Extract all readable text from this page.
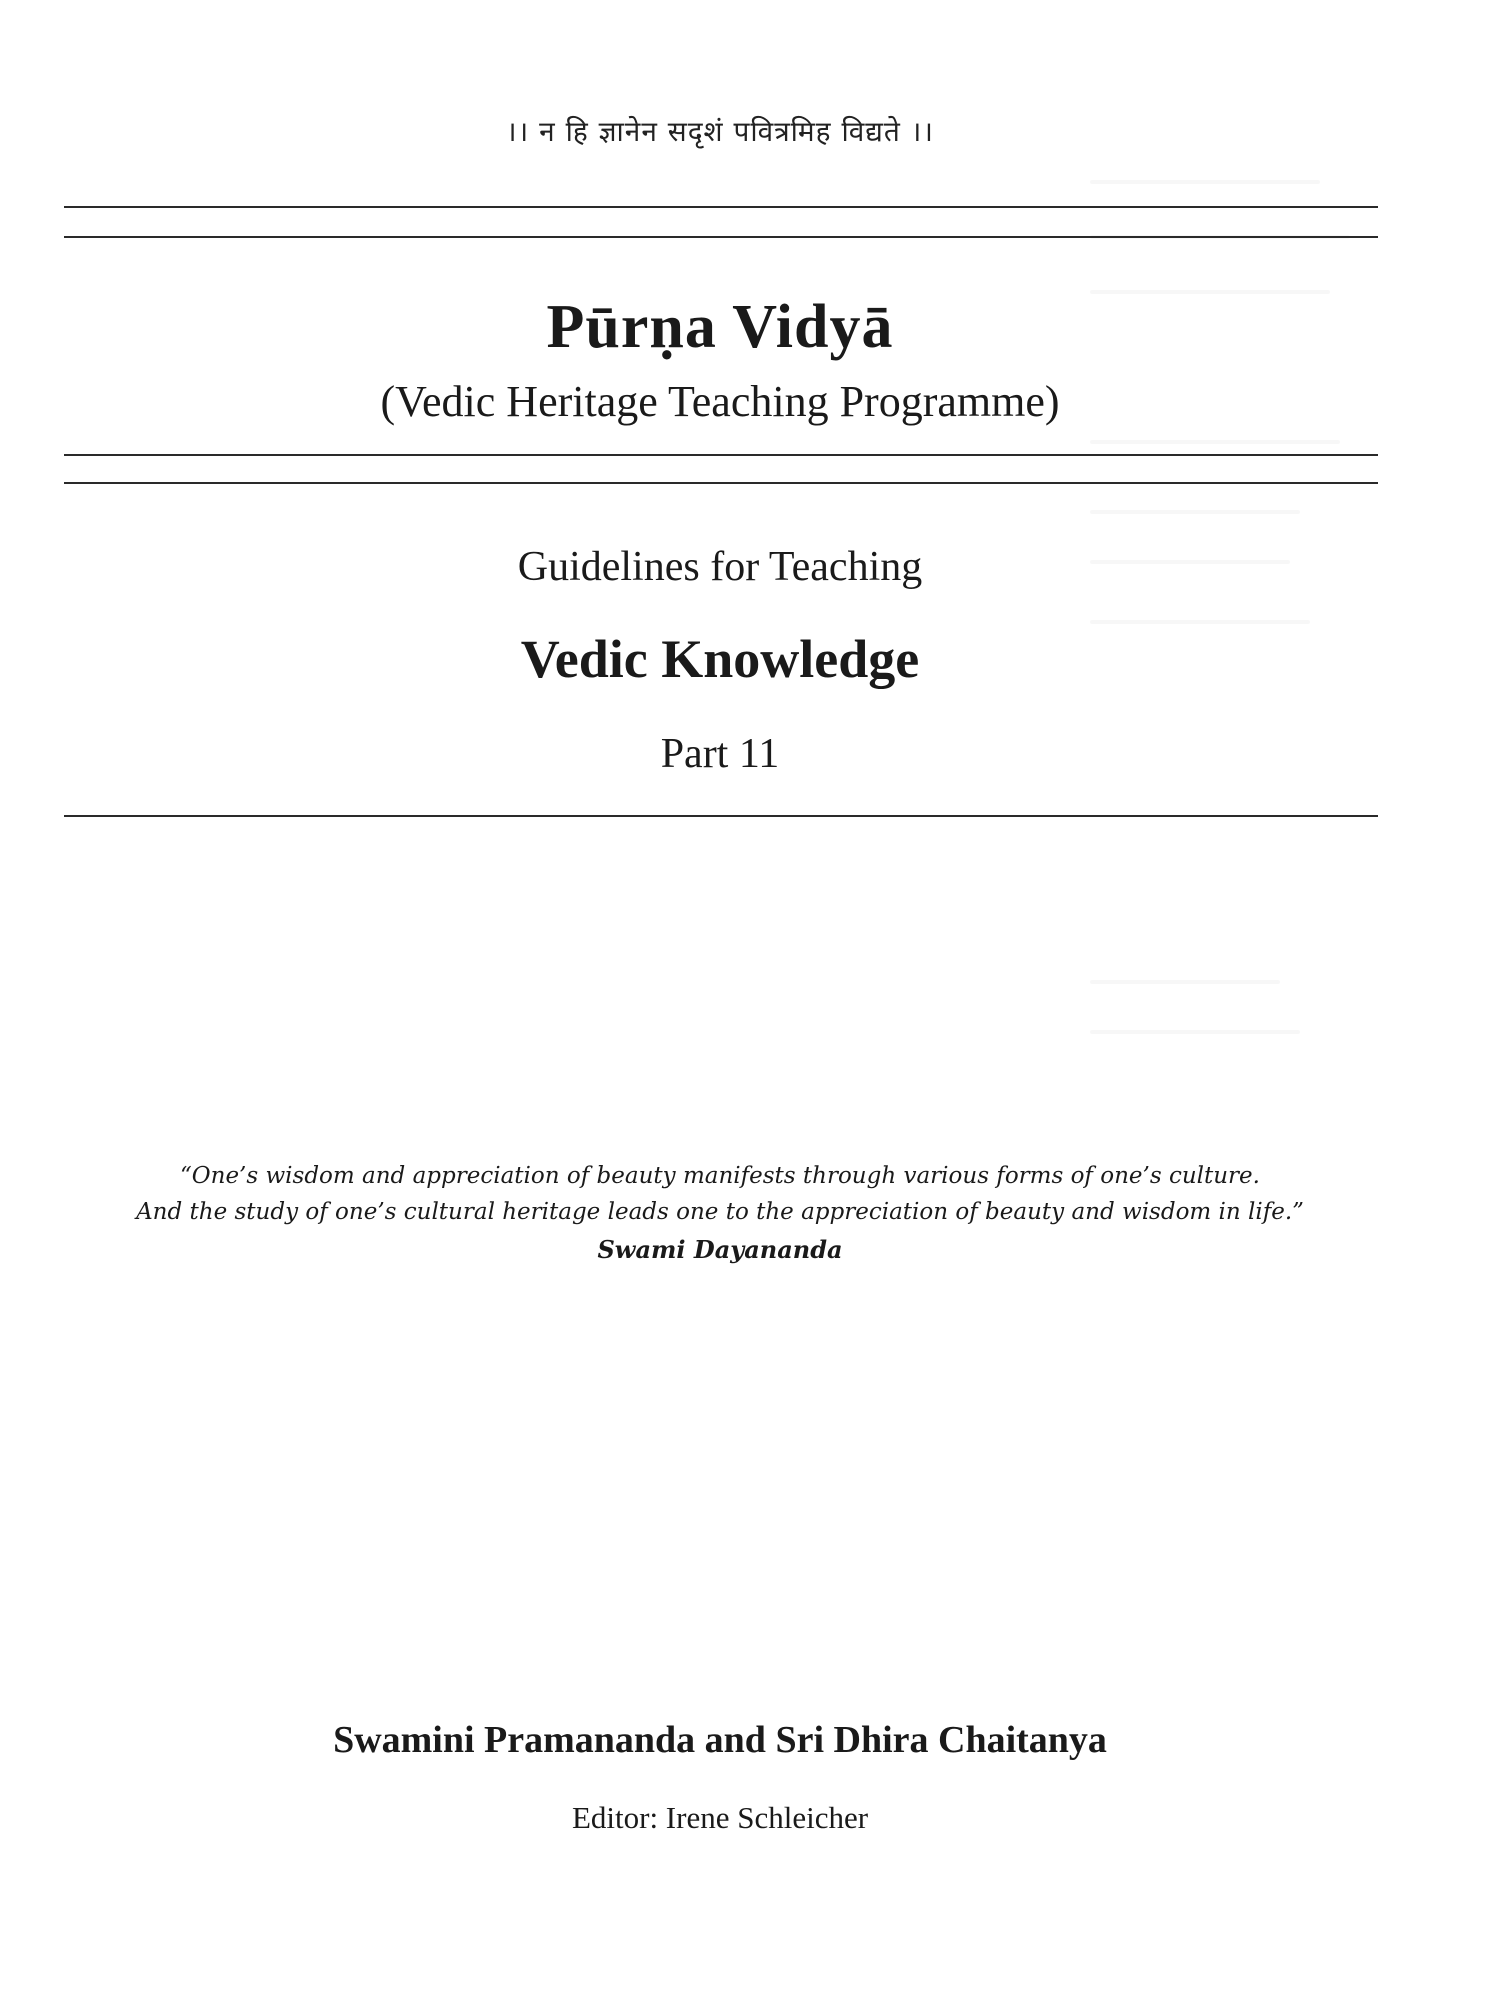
।। न हि ज्ञानेन सदृशं पवित्रमिह विद्यते ।।
Pūrṇa Vidyā
(Vedic Heritage Teaching Programme)
Guidelines for Teaching
Vedic Knowledge
Part 11
“One’s wisdom and appreciation of beauty manifests through various forms of one’s culture.
And the study of one’s cultural heritage leads one to the appreciation of beauty and wisdom in life.”
Swami Dayananda
Swamini Pramananda and Sri Dhira Chaitanya
Editor: Irene Schleicher
